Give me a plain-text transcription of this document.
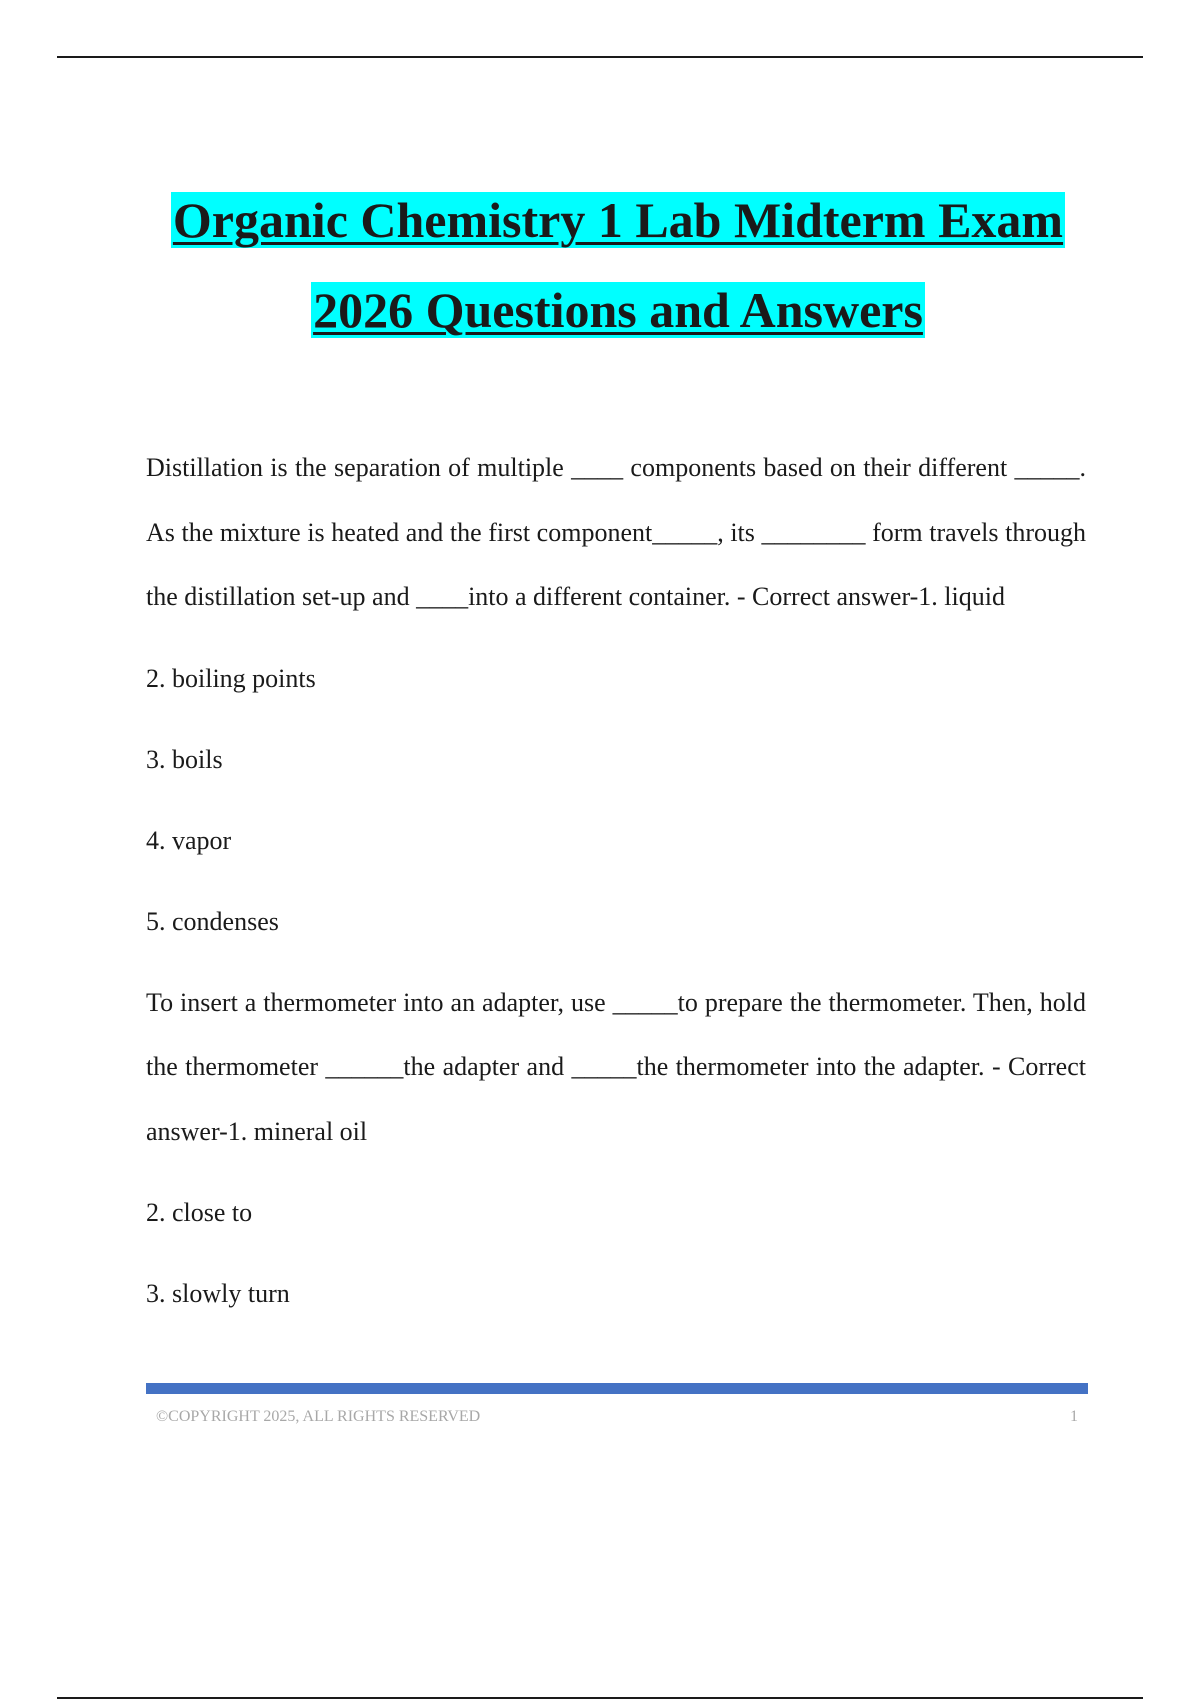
Organic Chemistry 1 Lab Midterm Exam
2026 Questions and Answers

Distillation is the separation of multiple ____ components based on their different _____. As the mixture is heated and the first component_____, its ________ form travels through the distillation set-up and ____into a different container. - Correct answer-1. liquid

2. boiling points

3. boils

4. vapor

5. condenses

To insert a thermometer into an adapter, use _____to prepare the thermometer. Then, hold the thermometer ______the adapter and _____the thermometer into the adapter. - Correct answer-1. mineral oil

2. close to

3. slowly turn

©COPYRIGHT 2025, ALL RIGHTS RESERVED	1
